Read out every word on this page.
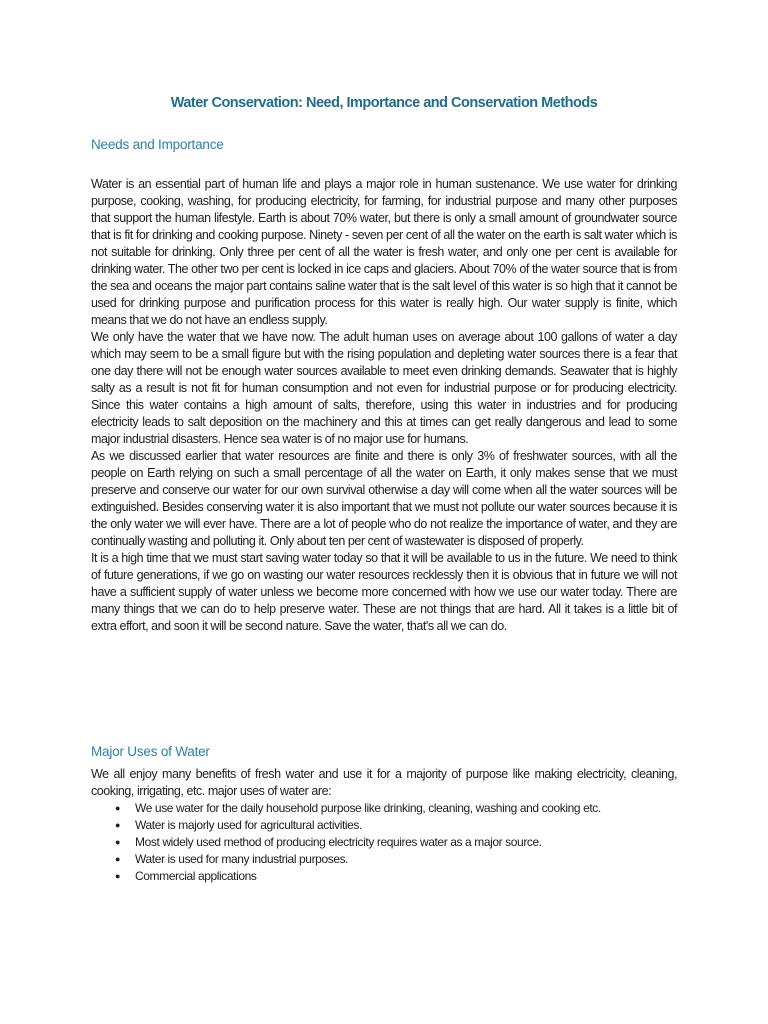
Water Conservation: Need, Importance and Conservation Methods
Needs and Importance

Water is an essential part of human life and plays a major role in human sustenance. We use water for drinking purpose, cooking, washing, for producing electricity, for farming, for industrial purpose and many other purposes that support the human lifestyle. Earth is about 70% water, but there is only a small amount of groundwater source that is fit for drinking and cooking purpose. Ninety - seven per cent of all the water on the earth is salt water which is not suitable for drinking. Only three per cent of all the water is fresh water, and only one per cent is available for drinking water. The other two per cent is locked in ice caps and glaciers. About 70% of the water source that is from the sea and oceans the major part contains saline water that is the salt level of this water is so high that it cannot be used for drinking purpose and purification process for this water is really high. Our water supply is finite, which means that we do not have an endless supply.

We only have the water that we have now. The adult human uses on average about 100 gallons of water a day which may seem to be a small figure but with the rising population and depleting water sources there is a fear that one day there will not be enough water sources available to meet even drinking demands. Seawater that is highly salty as a result is not fit for human consumption and not even for industrial purpose or for producing electricity. Since this water contains a high amount of salts, therefore, using this water in industries and for producing electricity leads to salt deposition on the machinery and this at times can get really dangerous and lead to some major industrial disasters. Hence sea water is of no major use for humans.

As we discussed earlier that water resources are finite and there is only 3% of freshwater sources, with all the people on Earth relying on such a small percentage of all the water on Earth, it only makes sense that we must preserve and conserve our water for our own survival otherwise a day will come when all the water sources will be extinguished. Besides conserving water it is also important that we must not pollute our water sources because it is the only water we will ever have. There are a lot of people who do not realize the importance of water, and they are continually wasting and polluting it. Only about ten per cent of wastewater is disposed of properly.

It is a high time that we must start saving water today so that it will be available to us in the future. We need to think of future generations, if we go on wasting our water resources recklessly then it is obvious that in future we will not have a sufficient supply of water unless we become more concerned with how we use our water today. There are many things that we can do to help preserve water. These are not things that are hard. All it takes is a little bit of extra effort, and soon it will be second nature. Save the water, that's all we can do.

Major Uses of Water

We all enjoy many benefits of fresh water and use it for a majority of purpose like making electricity, cleaning, cooking, irrigating, etc. major uses of water are:

● We use water for the daily household purpose like drinking, cleaning, washing and cooking etc.
● Water is majorly used for agricultural activities.
● Most widely used method of producing electricity requires water as a major source.
● Water is used for many industrial purposes.
● Commercial applications
